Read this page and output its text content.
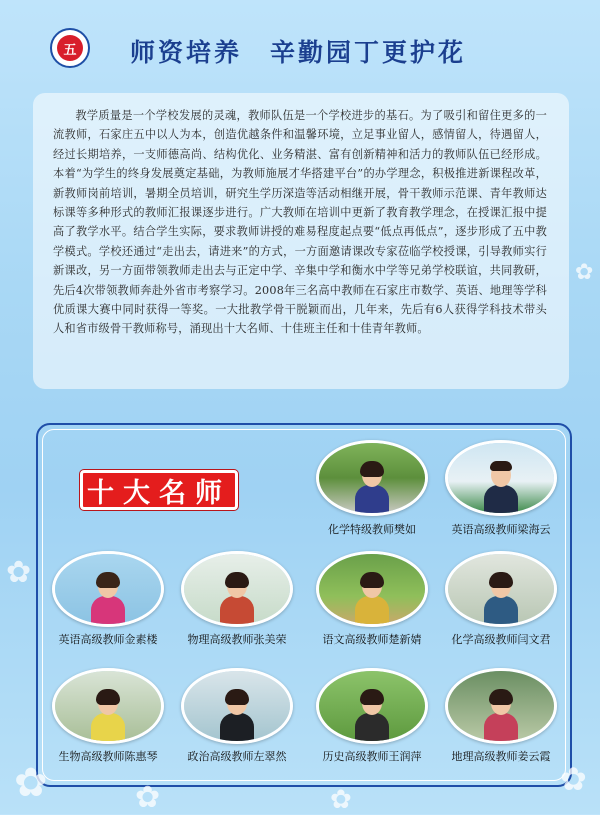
五 师资培养 辛勤园丁更护花

教学质量是一个学校发展的灵魂，教师队伍是一个学校进步的基石。为了吸引和留住更多的一流教师，石家庄五中以人为本，创造优越条件和温馨环境，立足事业留人，感情留人，待遇留人，经过长期培养，一支师德高尚、结构优化、业务精湛、富有创新精神和活力的教师队伍已经形成。本着“为学生的终身发展奠定基础，为教师施展才华搭建平台”的办学理念，积极推进新课程改革，新教师岗前培训，暑期全员培训，研究生学历深造等活动相继开展，骨干教师示范课、青年教师达标课等多种形式的教师汇报课逐步进行。广大教师在培训中更新了教育教学理念，在授课汇报中提高了教学水平。结合学生实际，要求教师讲授的难易程度起点要“低点再低点”，逐步形成了五中教学模式。学校还通过“走出去，请进来”的方式，一方面邀请课改专家莅临学校授课，引导教师实行新课改，另一方面带领教师走出去与正定中学、辛集中学和衡水中学等兄弟学校联谊，共同教研，先后4次带领教师奔赴外省市考察学习。2008年三名高中教师在石家庄市数学、英语、地理等学科优质课大赛中同时获得一等奖。一大批教学骨干脱颖而出，几年来，先后有6人获得学科技术带头人和省市级骨干教师称号，涌现出十大名师、十佳班主任和十佳青年教师。

十大名师
化学特级教师樊如	英语高级教师梁海云
英语高级教师金素楼	物理高级教师张美荣	语文高级教师楚新婧	化学高级教师闫文君
生物高级教师陈惠琴	政治高级教师左翠然	历史高级教师王润萍	地理高级教师姜云霞
✿
✿	✿	✿
✿
✿
